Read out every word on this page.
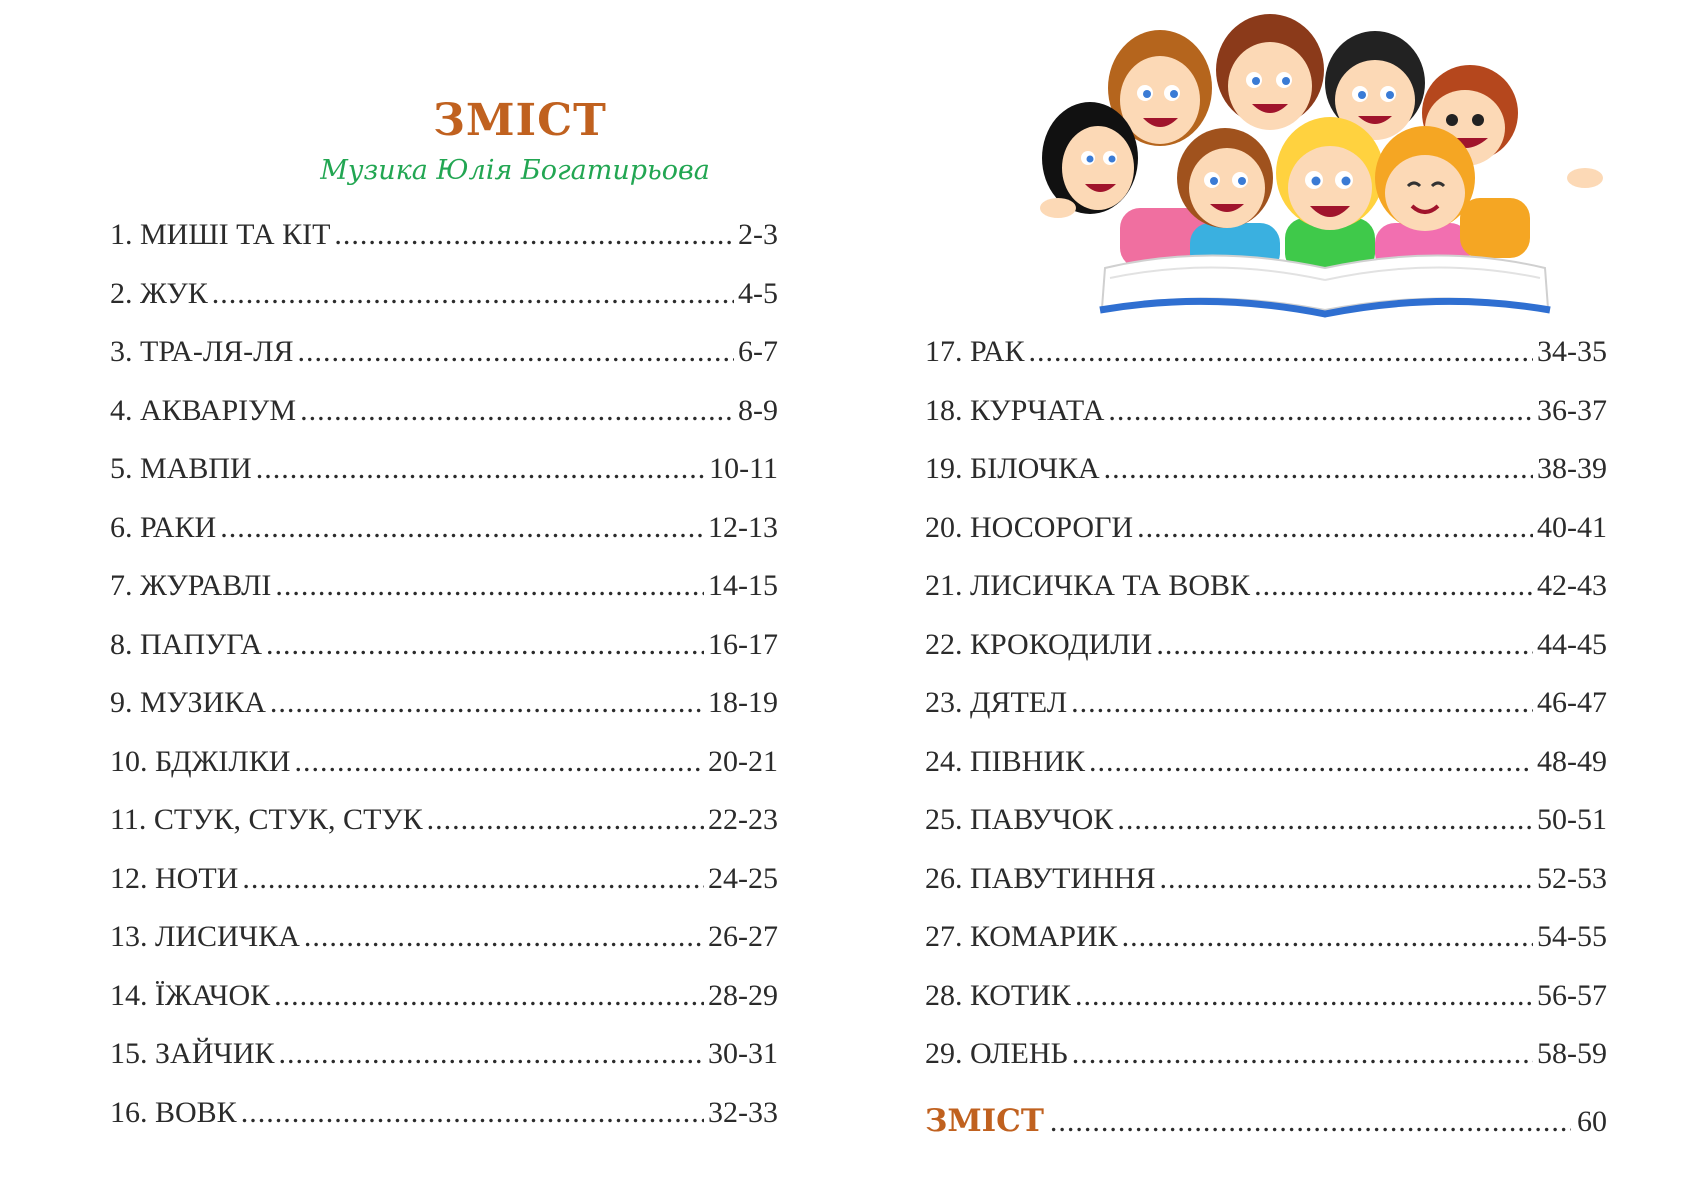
ЗМІСТ
Музика Юлія Богатирьова
1. МИШІ ТА КІТ .....	2-3
2. ЖУК .....	4-5
3. ТРА-ЛЯ-ЛЯ .....	6-7
4. АКВАРІУМ .....	8-9
5. МАВПИ .....	10-11
6. РАКИ .....	12-13
7. ЖУРАВЛІ .....	14-15
8. ПАПУГА .....	16-17
9. МУЗИКА .....	18-19
10. БДЖІЛКИ .....	20-21
11. СТУК, СТУК, СТУК .....	22-23
12. НОТИ .....	24-25
13. ЛИСИЧКА .....	26-27
14. ЇЖАЧОК .....	28-29
15. ЗАЙЧИК .....	30-31
16. ВОВК .....	32-33
17. РАК .....	34-35
18. КУРЧАТА .....	36-37
19. БІЛОЧКА .....	38-39
20. НОСОРОГИ .....	40-41
21. ЛИСИЧКА ТА ВОВК .....	42-43
22. КРОКОДИЛИ .....	44-45
23. ДЯТЕЛ .....	46-47
24. ПІВНИК .....	48-49
25. ПАВУЧОК .....	50-51
26. ПАВУТИННЯ .....	52-53
27. КОМАРИК .....	54-55
28. КОТИК .....	56-57
29. ОЛЕНЬ .....	58-59
ЗМІСТ .....	60
